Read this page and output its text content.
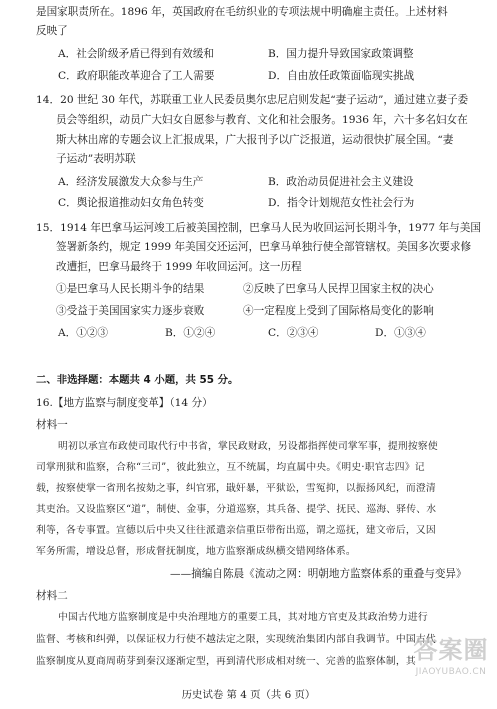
是国家职责所在。1896 年，英国政府在毛纺织业的专项法规中明确雇主责任。上述材料
反映了
A．社会阶级矛盾已得到有效缓和	B．国力提升导致国家政策调整
C．政府职能改革迎合了工人需要	D．自由放任政策面临现实挑战
14．20 世纪 30 年代，苏联重工业人民委员奥尔忠尼启则发起“妻子运动”，通过建立妻子委
员会等组织，动员广大妇女自愿参与教育、文化和社会服务。1936 年，六十多名妇女在
斯大林出席的专题会议上汇报成果，广大报刊予以广泛报道，运动很快扩展全国。“妻
子运动”表明苏联
A．经济发展激发大众参与生产	B．政治动员促进社会主义建设
C．舆论报道推动妇女角色转变	D．指令计划规范女性社会行为
15．1914 年巴拿马运河竣工后被美国控制，巴拿马人民为收回运河长期斗争，1977 年与美国
签署新条约，规定 1999 年美国交还运河，巴拿马单独行使全部管辖权。美国多次要求修
改遭拒，巴拿马最终于 1999 年收回运河。这一历程
①是巴拿马人民长期斗争的结果	②反映了巴拿马人民捍卫国家主权的决心
③受益于美国国家实力逐步衰败	④一定程度上受到了国际格局变化的影响
A．①②③	B．①②④	C．②③④	D．①③④
二、非选择题：本题共 4 小题，共 55 分。
16.【地方监察与制度变革】（14 分）
材料一
明初以承宣布政使司取代行中书省，掌民政财政，另设都指挥使司掌军事，提刑按察使
司掌刑狱和监察，合称“三司”，彼此独立，互不统属，均直属中央。《明史·职官志四》记
载，按察使掌一省刑名按劾之事，纠官邪，戢奸暴，平狱讼，雪冤抑，以振扬风纪，而澄清
其吏治。又设监察区“道”，制使、金事，分道巡察，其兵备、提学、抚民、巡海、驿传、水
利等，各专事置。宣德以后中央又往往派遣亲信重臣带衔出巡，谓之巡抚，建文帝后，又因
军务所需，增设总督，形成督抚制度，地方监察渐成纵横交错网络体系。
——摘编自陈晨《流动之网：明朝地方监察体系的重叠与变异》
材料二
中国古代地方监察制度是中央治理地方的重要工具，其对地方官吏及其政治势力进行
监督、考核和纠弹，以保证权力行使不越法定之限，实现统治集团内部自我调节。中国古代
监察制度从夏商周萌芽到秦汉逐渐定型，再到清代形成相对统一、完善的监察体制，其
历史试卷 第 4 页（共 6 页）
答案圈
JIAOYUBAO.CN
